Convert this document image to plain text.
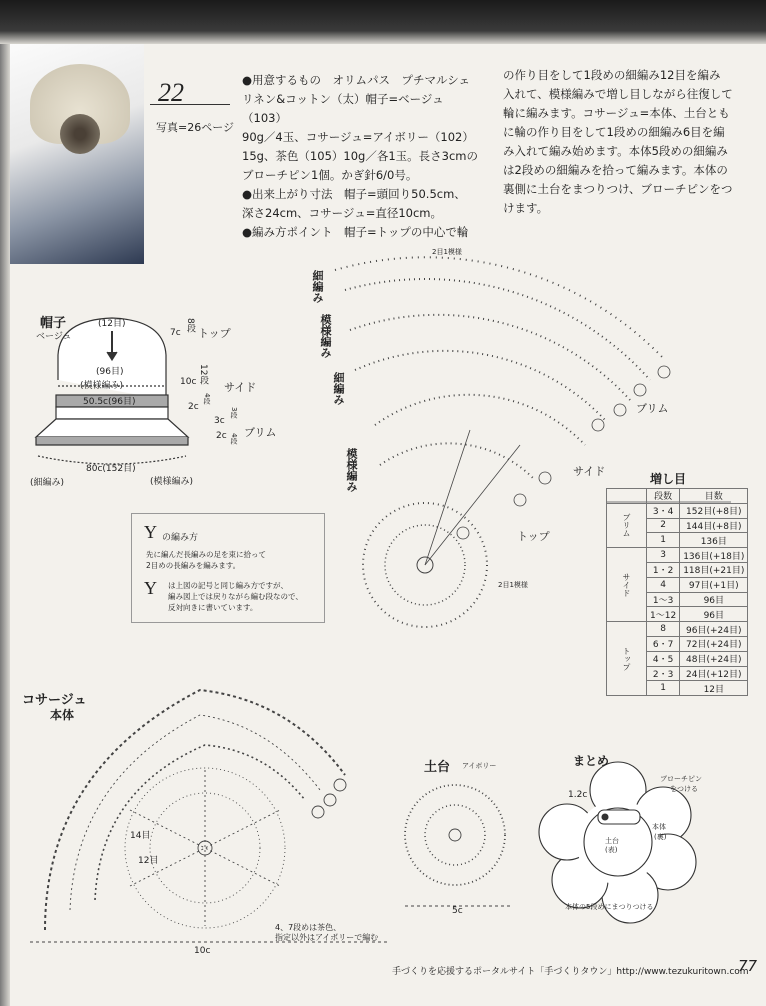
22
写真=26ページ
●用意するもの　オリムパス　プチマルシェ
リネン&コットン（太）帽子=ベージュ（103）
90g／4玉、コサージュ=アイボリー（102）
15g、茶色（105）10g／各1玉。長さ3cmの
ブローチピン1個。かぎ針6/0号。
●出来上がり寸法　帽子=頭回り50.5cm、
深さ24cm、コサージュ=直径10cm。
●編み方ポイント　帽子=トップの中心で輪
の作り目をして1段めの細編み12目を編み
入れて、模様編みで増し目しながら往復して
輪に編みます。コサージュ=本体、土台とも
に輪の作り目をして1段めの細編み6目を編
み入れて編み始めます。本体5段めの細編み
は2段めの細編みを拾って編みます。本体の
裏側に土台をまつりつけ、ブローチピンをつ
けます。
帽子
ベージュ
(12目)
(96目)
(模様編み)
50.5c(96目)
80c(152目)
(細編み)	(模様編み)
7c
8段
トップ
10c 12段
サイド
2c
4段
3c
3段
2c 4段 ブリム
細編み
模様編み
細編み
模様編み
2目1模様
2目1模様
ブリム
サイド
トップ
増し目
	段数	目数
ブリム	3・4	152目(+8目)
	2	144目(+8目)
	1	136目
サイド	3	136目(+18目)
	1・2	118目(+21目)
	4	97目(+1目)
	1〜3	96目
	1〜12	96目
トップ	8	96目(+24目)
	6・7	72目(+24目)
	4・5	48目(+24目)
	2・3	24目(+12目)
	1	12目
Y の編み方
先に編んだ長編みの足を束に拾って
2目めの長編みを編みます。
Y は上図の記号と同じ編み方ですが、
編み図上では戻りながら編む段なので、
反対向きに書いています。
コサージュ
本体
14目
12目
4、7段めは茶色、
指定以外はアイボリーで編む
10c
土台 アイボリー
5c
まとめ
1.2c
ブローチピン
をつける
本体
(裏)
土台
(表)
本体の5段めにまつりつける
手づくりを応援するポータルサイト「手づくりタウン」http://www.tezukuritown.com
77
